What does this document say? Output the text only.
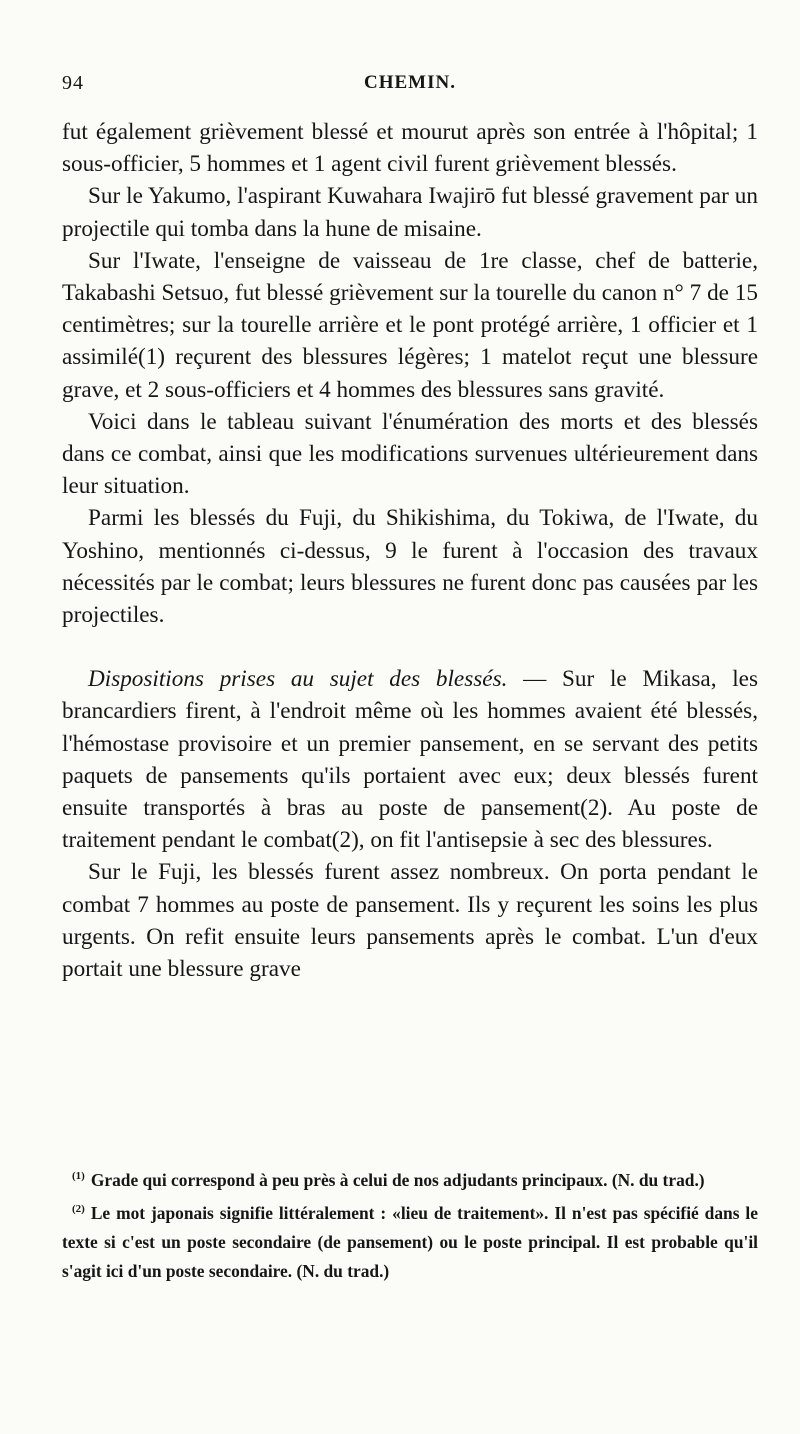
94	CHEMIN.

fut également grièvement blessé et mourut après son entrée à l'hôpital; 1 sous-officier, 5 hommes et 1 agent civil furent grièvement blessés.

Sur le Yakumo, l'aspirant Kuwahara Iwajirō fut blessé gravement par un projectile qui tomba dans la hune de misaine.

Sur l'Iwate, l'enseigne de vaisseau de 1re classe, chef de batterie, Takabashi Setsuo, fut blessé grièvement sur la tourelle du canon n° 7 de 15 centimètres; sur la tourelle arrière et le pont protégé arrière, 1 officier et 1 assimilé(1) reçurent des blessures légères; 1 matelot reçut une blessure grave, et 2 sous-officiers et 4 hommes des blessures sans gravité.

Voici dans le tableau suivant l'énumération des morts et des blessés dans ce combat, ainsi que les modifications survenues ultérieurement dans leur situation.

Parmi les blessés du Fuji, du Shikishima, du Tokiwa, de l'Iwate, du Yoshino, mentionnés ci-dessus, 9 le furent à l'occasion des travaux nécessités par le combat; leurs blessures ne furent donc pas causées par les projectiles.

Dispositions prises au sujet des blessés. — Sur le Mikasa, les brancardiers firent, à l'endroit même où les hommes avaient été blessés, l'hémostase provisoire et un premier pansement, en se servant des petits paquets de pansements qu'ils portaient avec eux; deux blessés furent ensuite transportés à bras au poste de pansement(2). Au poste de traitement pendant le combat(2), on fit l'antisepsie à sec des blessures.

Sur le Fuji, les blessés furent assez nombreux. On porta pendant le combat 7 hommes au poste de pansement. Ils y reçurent les soins les plus urgents. On refit ensuite leurs pansements après le combat. L'un d'eux portait une blessure grave

$^{(1)}$ Grade qui correspond à peu près à celui de nos adjudants principaux. (N. du trad.)

$^{(2)}$ Le mot japonais signifie littéralement : «lieu de traitement». Il n'est pas spécifié dans le texte si c'est un poste secondaire (de pansement) ou le poste principal. Il est probable qu'il s'agit ici d'un poste secondaire. (N. du trad.)
